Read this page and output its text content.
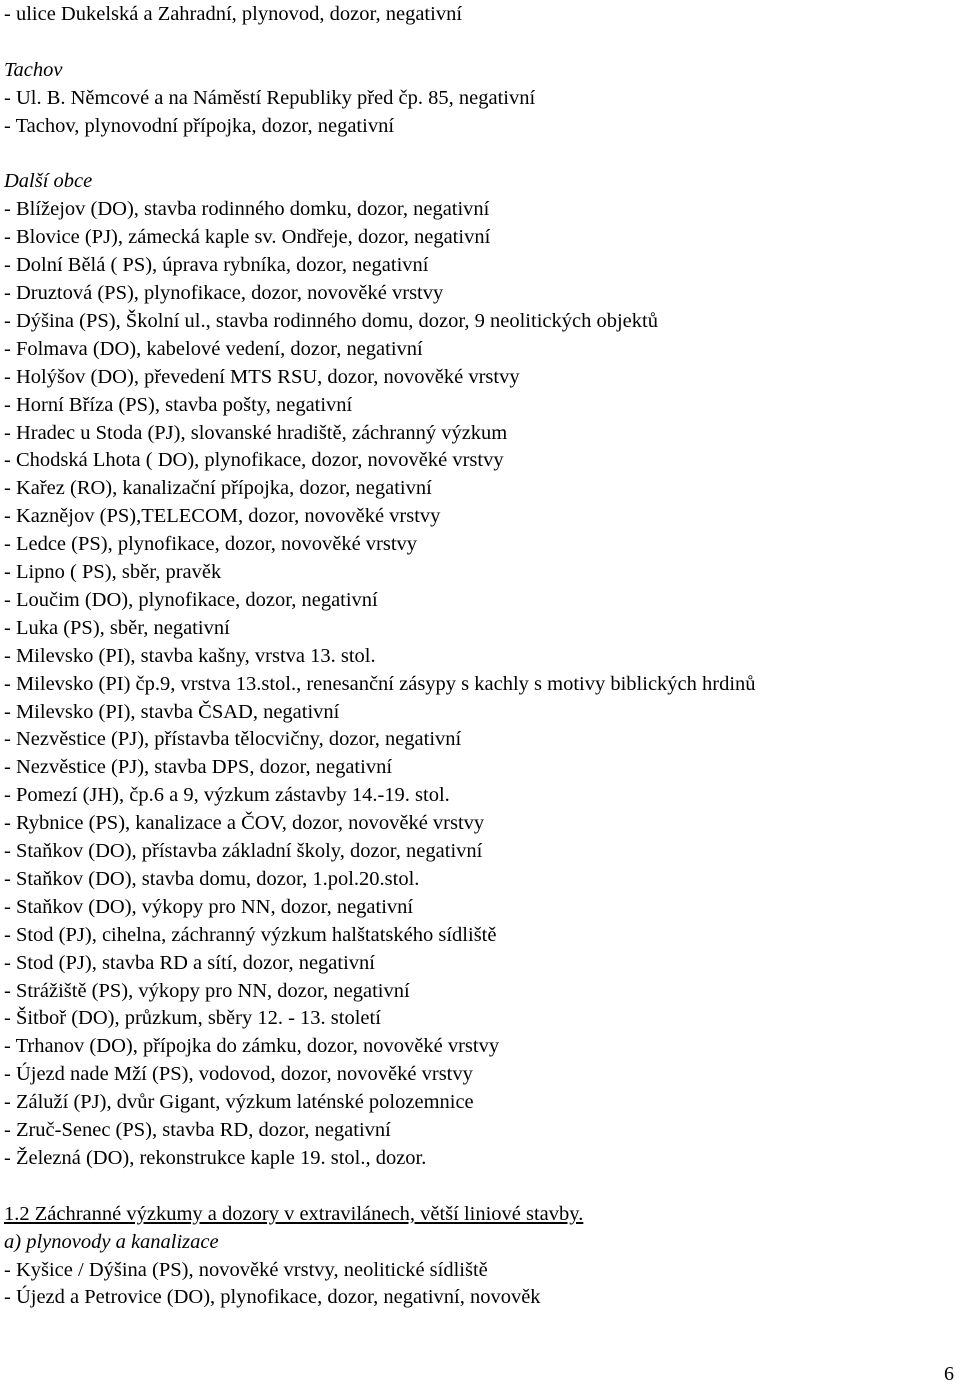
- ulice Dukelská a Zahradní, plynovod, dozor, negativní
Tachov
- Ul. B. Němcové a na Náměstí Republiky před čp. 85, negativní
- Tachov, plynovodní přípojka, dozor, negativní
Další obce
- Blížejov (DO), stavba rodinného domku, dozor, negativní
- Blovice (PJ), zámecká kaple sv. Ondřeje, dozor, negativní
- Dolní Bělá ( PS), úprava rybníka, dozor, negativní
- Druztová (PS), plynofikace, dozor, novověké vrstvy
- Dýšina (PS), Školní ul., stavba rodinného domu, dozor, 9 neolitických objektů
- Folmava (DO), kabelové vedení, dozor, negativní
- Holýšov (DO), převedení MTS RSU, dozor, novověké vrstvy
- Horní Bříza (PS), stavba pošty, negativní
- Hradec u Stoda (PJ), slovanské hradiště, záchranný výzkum
- Chodská Lhota ( DO), plynofikace, dozor, novověké vrstvy
- Kařez (RO), kanalizační přípojka, dozor, negativní
- Kaznějov (PS),TELECOM, dozor, novověké vrstvy
- Ledce (PS), plynofikace, dozor, novověké vrstvy
- Lipno ( PS), sběr, pravěk
- Loučim (DO), plynofikace, dozor, negativní
- Luka (PS), sběr, negativní
- Milevsko (PI), stavba kašny, vrstva 13. stol.
- Milevsko (PI) čp.9, vrstva 13.stol., renesanční zásypy s kachly s motivy biblických hrdinů
- Milevsko (PI), stavba ČSAD, negativní
- Nezvěstice (PJ), přístavba tělocvičny, dozor, negativní
- Nezvěstice (PJ), stavba DPS, dozor, negativní
- Pomezí (JH), čp.6 a 9, výzkum zástavby 14.-19. stol.
- Rybnice (PS), kanalizace a ČOV, dozor, novověké vrstvy
- Staňkov (DO), přístavba základní školy, dozor, negativní
- Staňkov (DO), stavba domu, dozor, 1.pol.20.stol.
- Staňkov (DO), výkopy pro NN, dozor, negativní
- Stod (PJ), cihelna, záchranný výzkum halštatského sídliště
- Stod (PJ), stavba RD a sítí, dozor, negativní
- Strážiště (PS), výkopy pro NN, dozor, negativní
- Šitboř (DO), průzkum, sběry 12. - 13. století
- Trhanov (DO), přípojka do zámku, dozor, novověké vrstvy
- Újezd nade Mží (PS), vodovod, dozor, novověké vrstvy
- Záluží (PJ), dvůr Gigant, výzkum laténské polozemnice
- Zruč-Senec (PS), stavba RD, dozor, negativní
- Železná (DO), rekonstrukce kaple 19. stol., dozor.
1.2 Záchranné výzkumy a dozory v extravilánech, větší liniové stavby.
a) plynovody a kanalizace
- Kyšice / Dýšina (PS), novověké vrstvy, neolitické sídliště
- Újezd a Petrovice (DO), plynofikace, dozor, negativní, novověk
6
